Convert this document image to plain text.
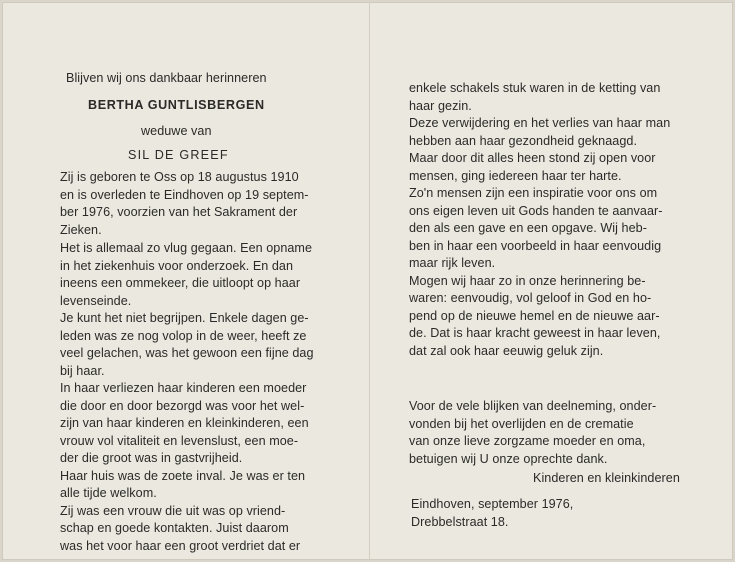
Blijven wij ons dankbaar herinneren
BERTHA GUNTLISBERGEN
weduwe van
SIL DE GREEF
Zij is geboren te Oss op 18 augustus 1910
en is overleden te Eindhoven op 19 septem-
ber 1976, voorzien van het Sakrament der
Zieken.
Het is allemaal zo vlug gegaan. Een opname
in het ziekenhuis voor onderzoek. En dan
ineens een ommekeer, die uitloopt op haar
levenseinde.
Je kunt het niet begrijpen. Enkele dagen ge-
leden was ze nog volop in de weer, heeft ze
veel gelachen, was het gewoon een fijne dag
bij haar.
In haar verliezen haar kinderen een moeder
die door en door bezorgd was voor het wel-
zijn van haar kinderen en kleinkinderen, een
vrouw vol vitaliteit en levenslust, een moe-
der die groot was in gastvrijheid.
Haar huis was de zoete inval. Je was er ten
alle tijde welkom.
Zij was een vrouw die uit was op vriend-
schap en goede kontakten. Juist daarom
was het voor haar een groot verdriet dat er
enkele schakels stuk waren in de ketting van
haar gezin.
Deze verwijdering en het verlies van haar man
hebben aan haar gezondheid geknaagd.
Maar door dit alles heen stond zij open voor
mensen, ging iedereen haar ter harte.
Zo'n mensen zijn een inspiratie voor ons om
ons eigen leven uit Gods handen te aanvaar-
den als een gave en een opgave. Wij heb-
ben in haar een voorbeeld in haar eenvoudig
maar rijk leven.
Mogen wij haar zo in onze herinnering be-
waren: eenvoudig, vol geloof in God en ho-
pend op de nieuwe hemel en de nieuwe aar-
de. Dat is haar kracht geweest in haar leven,
dat zal ook haar eeuwig geluk zijn.
Voor de vele blijken van deelneming, onder-
vonden bij het overlijden en de crematie
van onze lieve zorgzame moeder en oma,
betuigen wij U onze oprechte dank.
Kinderen en kleinkinderen
Eindhoven, september 1976,
Drebbelstraat 18.
